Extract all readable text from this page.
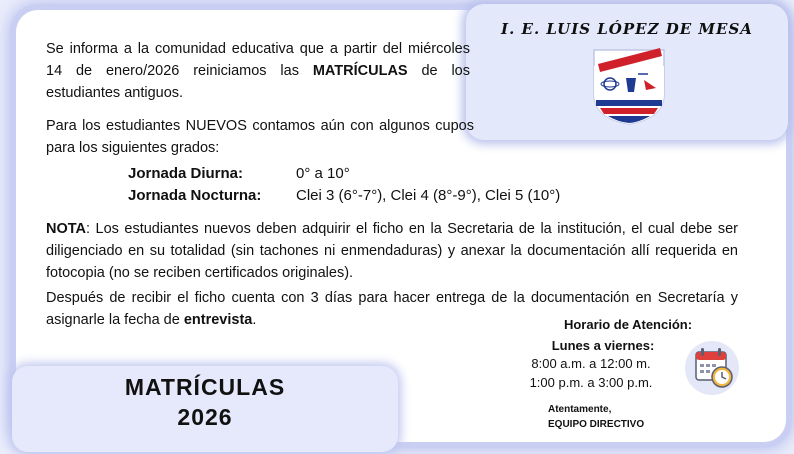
I. E. LUIS LÓPEZ DE MESA
Se informa a la comunidad educativa que a partir del miércoles 14 de enero/2026 reiniciamos las MATRÍCULAS de los estudiantes antiguos.
Para los estudiantes NUEVOS contamos aún con algunos cupos para los siguientes grados:
Jornada Diurna:	0° a 10°
Jornada Nocturna: Clei 3 (6°-7°), Clei 4 (8°-9°), Clei 5 (10°)
NOTA: Los estudiantes nuevos deben adquirir el ficho en la Secretaria de la institución, el cual debe ser diligenciado en su totalidad (sin tachones ni enmendaduras) y anexar la documentación allí requerida en fotocopia (no se reciben certificados originales).
Después de recibir el ficho cuenta con 3 días para hacer entrega de la documentación en Secretaría y asignarle la fecha de entrevista.	Horario de Atención:
Lunes a viernes:
8:00 a.m. a 12:00 m.
1:00 p.m. a 3:00 p.m.
Atentamente,
EQUIPO DIRECTIVO
MATRÍCULAS
2026
